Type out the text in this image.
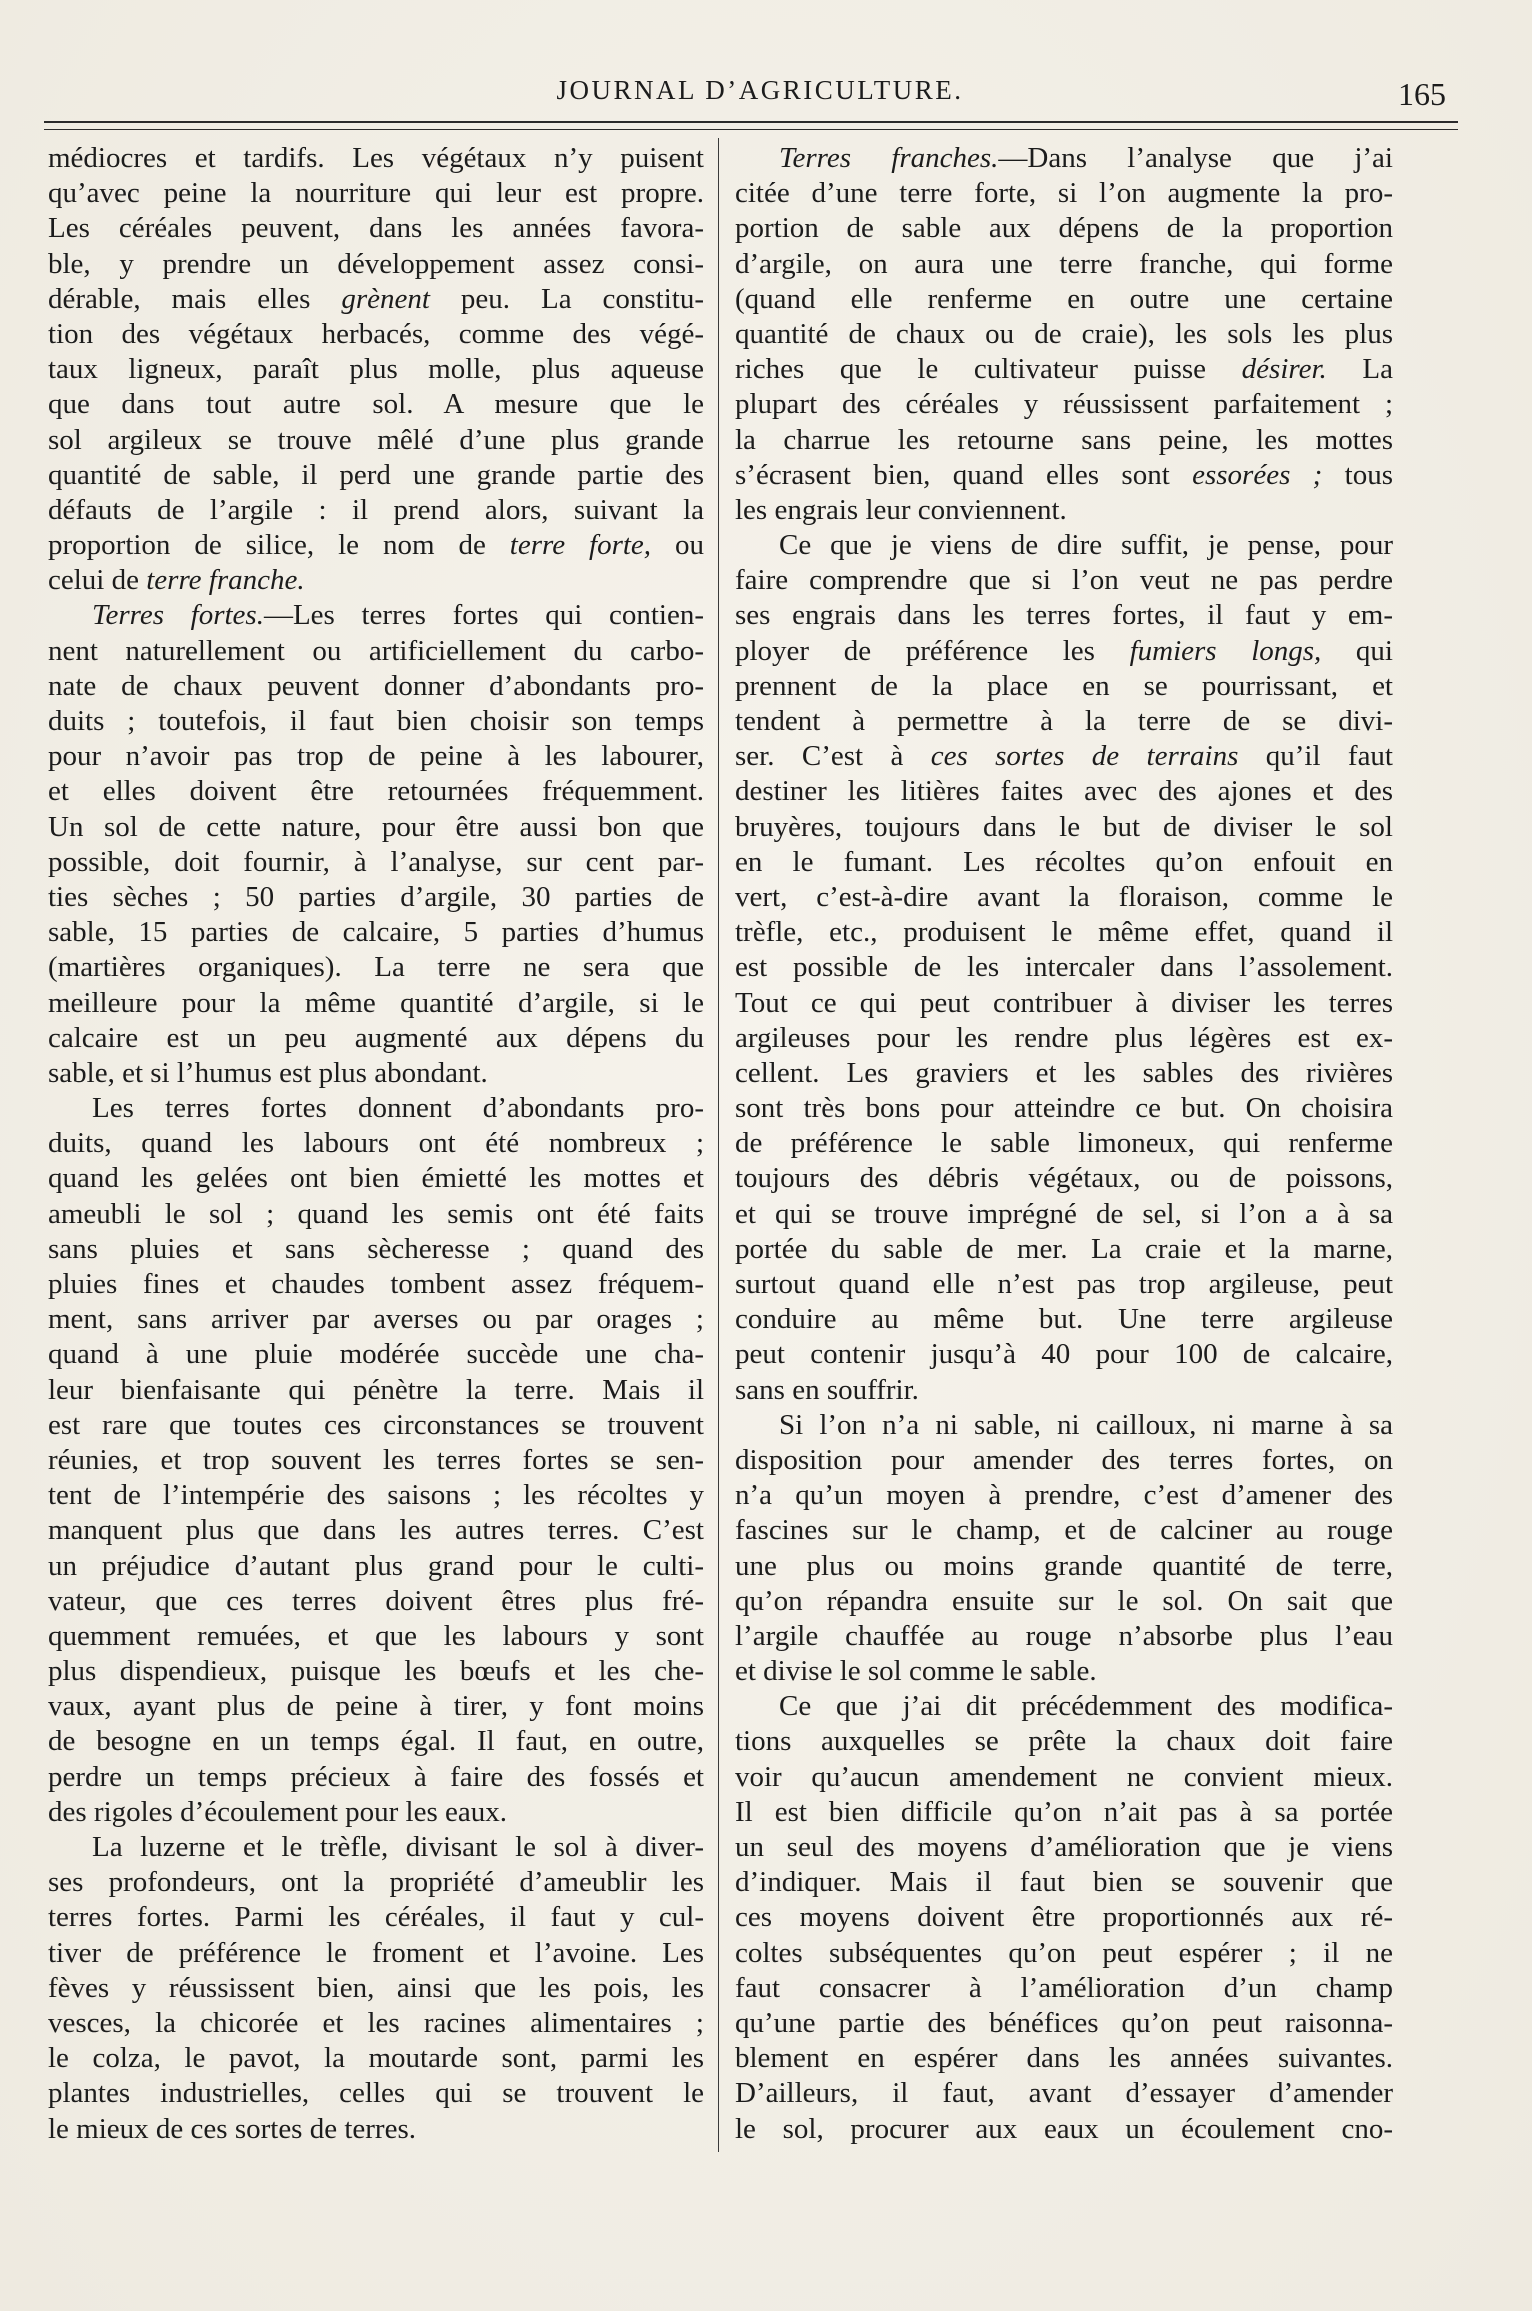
JOURNAL D’AGRICULTURE.	165
médiocres et tardifs. Les végétaux n’y puisent
qu’avec peine la nourriture qui leur est propre.
Les céréales peuvent, dans les années favora-
ble, y prendre un développement assez consi-
dérable, mais elles grènent peu. La constitu-
tion des végétaux herbacés, comme des végé-
taux ligneux, paraît plus molle, plus aqueuse
que dans tout autre sol. A mesure que le
sol argileux se trouve mêlé d’une plus grande
quantité de sable, il perd une grande partie des
défauts de l’argile : il prend alors, suivant la
proportion de silice, le nom de terre forte, ou
celui de terre franche.
Terres fortes.—Les terres fortes qui contien-
nent naturellement ou artificiellement du carbo-
nate de chaux peuvent donner d’abondants pro-
duits ; toutefois, il faut bien choisir son temps
pour n’avoir pas trop de peine à les labourer,
et elles doivent être retournées fréquemment.
Un sol de cette nature, pour être aussi bon que
possible, doit fournir, à l’analyse, sur cent par-
ties sèches ; 50 parties d’argile, 30 parties de
sable, 15 parties de calcaire, 5 parties d’humus
(martières organiques). La terre ne sera que
meilleure pour la même quantité d’argile, si le
calcaire est un peu augmenté aux dépens du
sable, et si l’humus est plus abondant.
Les terres fortes donnent d’abondants pro-
duits, quand les labours ont été nombreux ;
quand les gelées ont bien émietté les mottes et
ameubli le sol ; quand les semis ont été faits
sans pluies et sans sècheresse ; quand des
pluies fines et chaudes tombent assez fréquem-
ment, sans arriver par averses ou par orages ;
quand à une pluie modérée succède une cha-
leur bienfaisante qui pénètre la terre. Mais il
est rare que toutes ces circonstances se trouvent
réunies, et trop souvent les terres fortes se sen-
tent de l’intempérie des saisons ; les récoltes y
manquent plus que dans les autres terres. C’est
un préjudice d’autant plus grand pour le culti-
vateur, que ces terres doivent êtres plus fré-
quemment remuées, et que les labours y sont
plus dispendieux, puisque les bœufs et les che-
vaux, ayant plus de peine à tirer, y font moins
de besogne en un temps égal. Il faut, en outre,
perdre un temps précieux à faire des fossés et
des rigoles d’écoulement pour les eaux.
La luzerne et le trèfle, divisant le sol à diver-
ses profondeurs, ont la propriété d’ameublir les
terres fortes. Parmi les céréales, il faut y cul-
tiver de préférence le froment et l’avoine. Les
fèves y réussissent bien, ainsi que les pois, les
vesces, la chicorée et les racines alimentaires ;
le colza, le pavot, la moutarde sont, parmi les
plantes industrielles, celles qui se trouvent le
le mieux de ces sortes de terres.
Terres franches.—Dans l’analyse que j’ai
citée d’une terre forte, si l’on augmente la pro-
portion de sable aux dépens de la proportion
d’argile, on aura une terre franche, qui forme
(quand elle renferme en outre une certaine
quantité de chaux ou de craie), les sols les plus
riches que le cultivateur puisse désirer. La
plupart des céréales y réussissent parfaitement ;
la charrue les retourne sans peine, les mottes
s’écrasent bien, quand elles sont essorées ; tous
les engrais leur conviennent.
Ce que je viens de dire suffit, je pense, pour
faire comprendre que si l’on veut ne pas perdre
ses engrais dans les terres fortes, il faut y em-
ployer de préférence les fumiers longs, qui
prennent de la place en se pourrissant, et
tendent à permettre à la terre de se divi-
ser. C’est à ces sortes de terrains qu’il faut
destiner les litières faites avec des ajones et des
bruyères, toujours dans le but de diviser le sol
en le fumant. Les récoltes qu’on enfouit en
vert, c’est-à-dire avant la floraison, comme le
trèfle, etc., produisent le même effet, quand il
est possible de les intercaler dans l’assolement.
Tout ce qui peut contribuer à diviser les terres
argileuses pour les rendre plus légères est ex-
cellent. Les graviers et les sables des rivières
sont très bons pour atteindre ce but. On choisira
de préférence le sable limoneux, qui renferme
toujours des débris végétaux, ou de poissons,
et qui se trouve imprégné de sel, si l’on a à sa
portée du sable de mer. La craie et la marne,
surtout quand elle n’est pas trop argileuse, peut
conduire au même but. Une terre argileuse
peut contenir jusqu’à 40 pour 100 de calcaire,
sans en souffrir.
Si l’on n’a ni sable, ni cailloux, ni marne à sa
disposition pour amender des terres fortes, on
n’a qu’un moyen à prendre, c’est d’amener des
fascines sur le champ, et de calciner au rouge
une plus ou moins grande quantité de terre,
qu’on répandra ensuite sur le sol. On sait que
l’argile chauffée au rouge n’absorbe plus l’eau
et divise le sol comme le sable.
Ce que j’ai dit précédemment des modifica-
tions auxquelles se prête la chaux doit faire
voir qu’aucun amendement ne convient mieux.
Il est bien difficile qu’on n’ait pas à sa portée
un seul des moyens d’amélioration que je viens
d’indiquer. Mais il faut bien se souvenir que
ces moyens doivent être proportionnés aux ré-
coltes subséquentes qu’on peut espérer ; il ne
faut consacrer à l’amélioration d’un champ
qu’une partie des bénéfices qu’on peut raisonna-
blement en espérer dans les années suivantes.
D’ailleurs, il faut, avant d’essayer d’amender
le sol, procurer aux eaux un écoulement cno-
